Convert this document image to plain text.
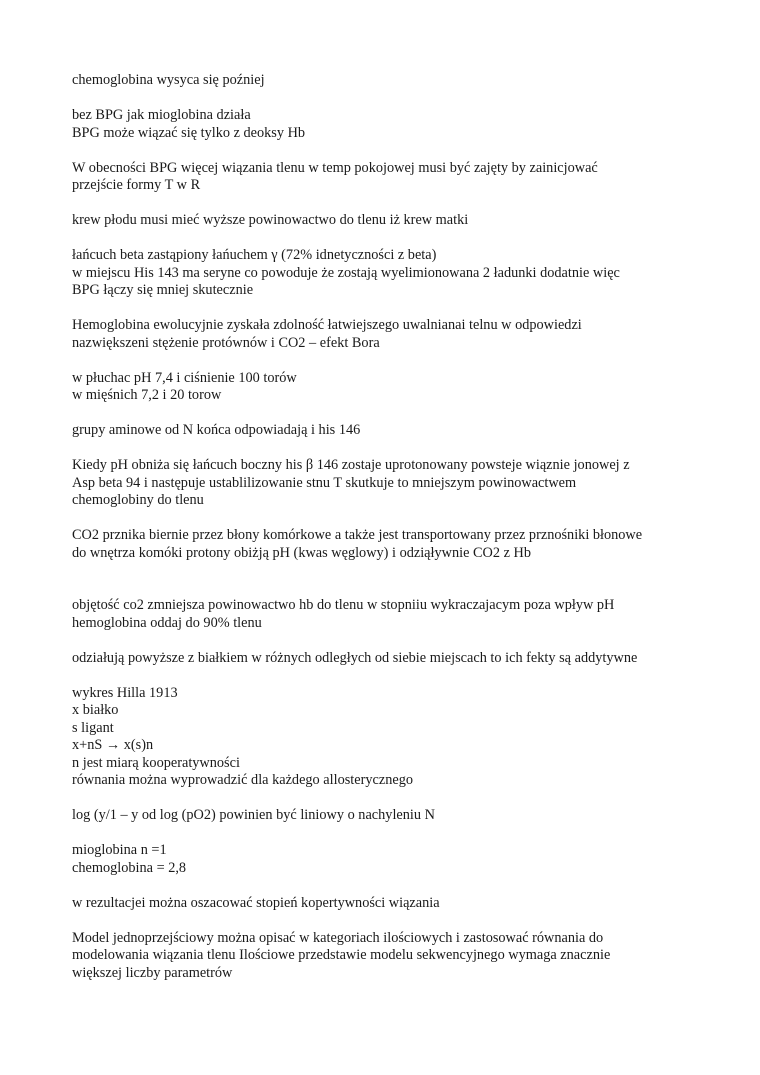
chemoglobina wysyca się poźniej
bez BPG jak mioglobina działa
BPG może wiązać się tylko z deoksy Hb
W obecności BPG więcej wiązania tlenu w temp pokojowej musi być zajęty by zainicjować
przejście formy T w R
krew płodu musi mieć wyższe powinowactwo do tlenu iż krew matki
łańcuch beta zastąpiony łańuchem γ (72% idnetyczności z beta)
w miejscu His 143 ma seryne co powoduje że zostają wyelimionowana 2 ładunki dodatnie więc
BPG łączy się mniej skutecznie
Hemoglobina ewolucyjnie zyskała zdolność łatwiejszego uwalnianai telnu w odpowiedzi
nazwiększeni stężenie protównów i CO2 – efekt Bora
w płuchac pH 7,4 i ciśnienie 100 torów
w mięśnich 7,2 i 20 torow
grupy aminowe od N końca odpowiadają i his 146
Kiedy pH obniża się łańcuch boczny his β 146 zostaje uprotonowany powsteje wiąznie jonowej z
Asp beta 94 i następuje ustablilizowanie stnu T skutkuje to mniejszym powinowactwem
chemoglobiny do tlenu
CO2 prznika biernie przez błony komórkowe a także jest transportowany przez prznośniki błonowe
do wnętrza komóki protony obiżją pH (kwas węglowy) i odziąływnie CO2 z Hb
objętość co2 zmniejsza powinowactwo hb do tlenu w stopniiu wykraczajacym poza wpływ pH
hemoglobina oddaj do 90% tlenu
odziałują powyższe z białkiem w różnych odległych od siebie miejscach to ich fekty są addytywne
wykres Hilla 1913
x białko
s ligant
x+nS → x(s)n
n jest miarą kooperatywności
równania można wyprowadzić dla każdego allosterycznego
log (y/1 – y od log (pO2) powinien być liniowy o nachyleniu N
mioglobina n =1
chemoglobina = 2,8
w rezultacjei można oszacować stopień kopertywności wiązania
Model jednoprzejściowy można opisać w kategoriach ilościowych i zastosować równania do
modelowania wiązania tlenu Ilościowe przedstawie modelu sekwencyjnego wymaga znacznie
większej liczby parametrów
